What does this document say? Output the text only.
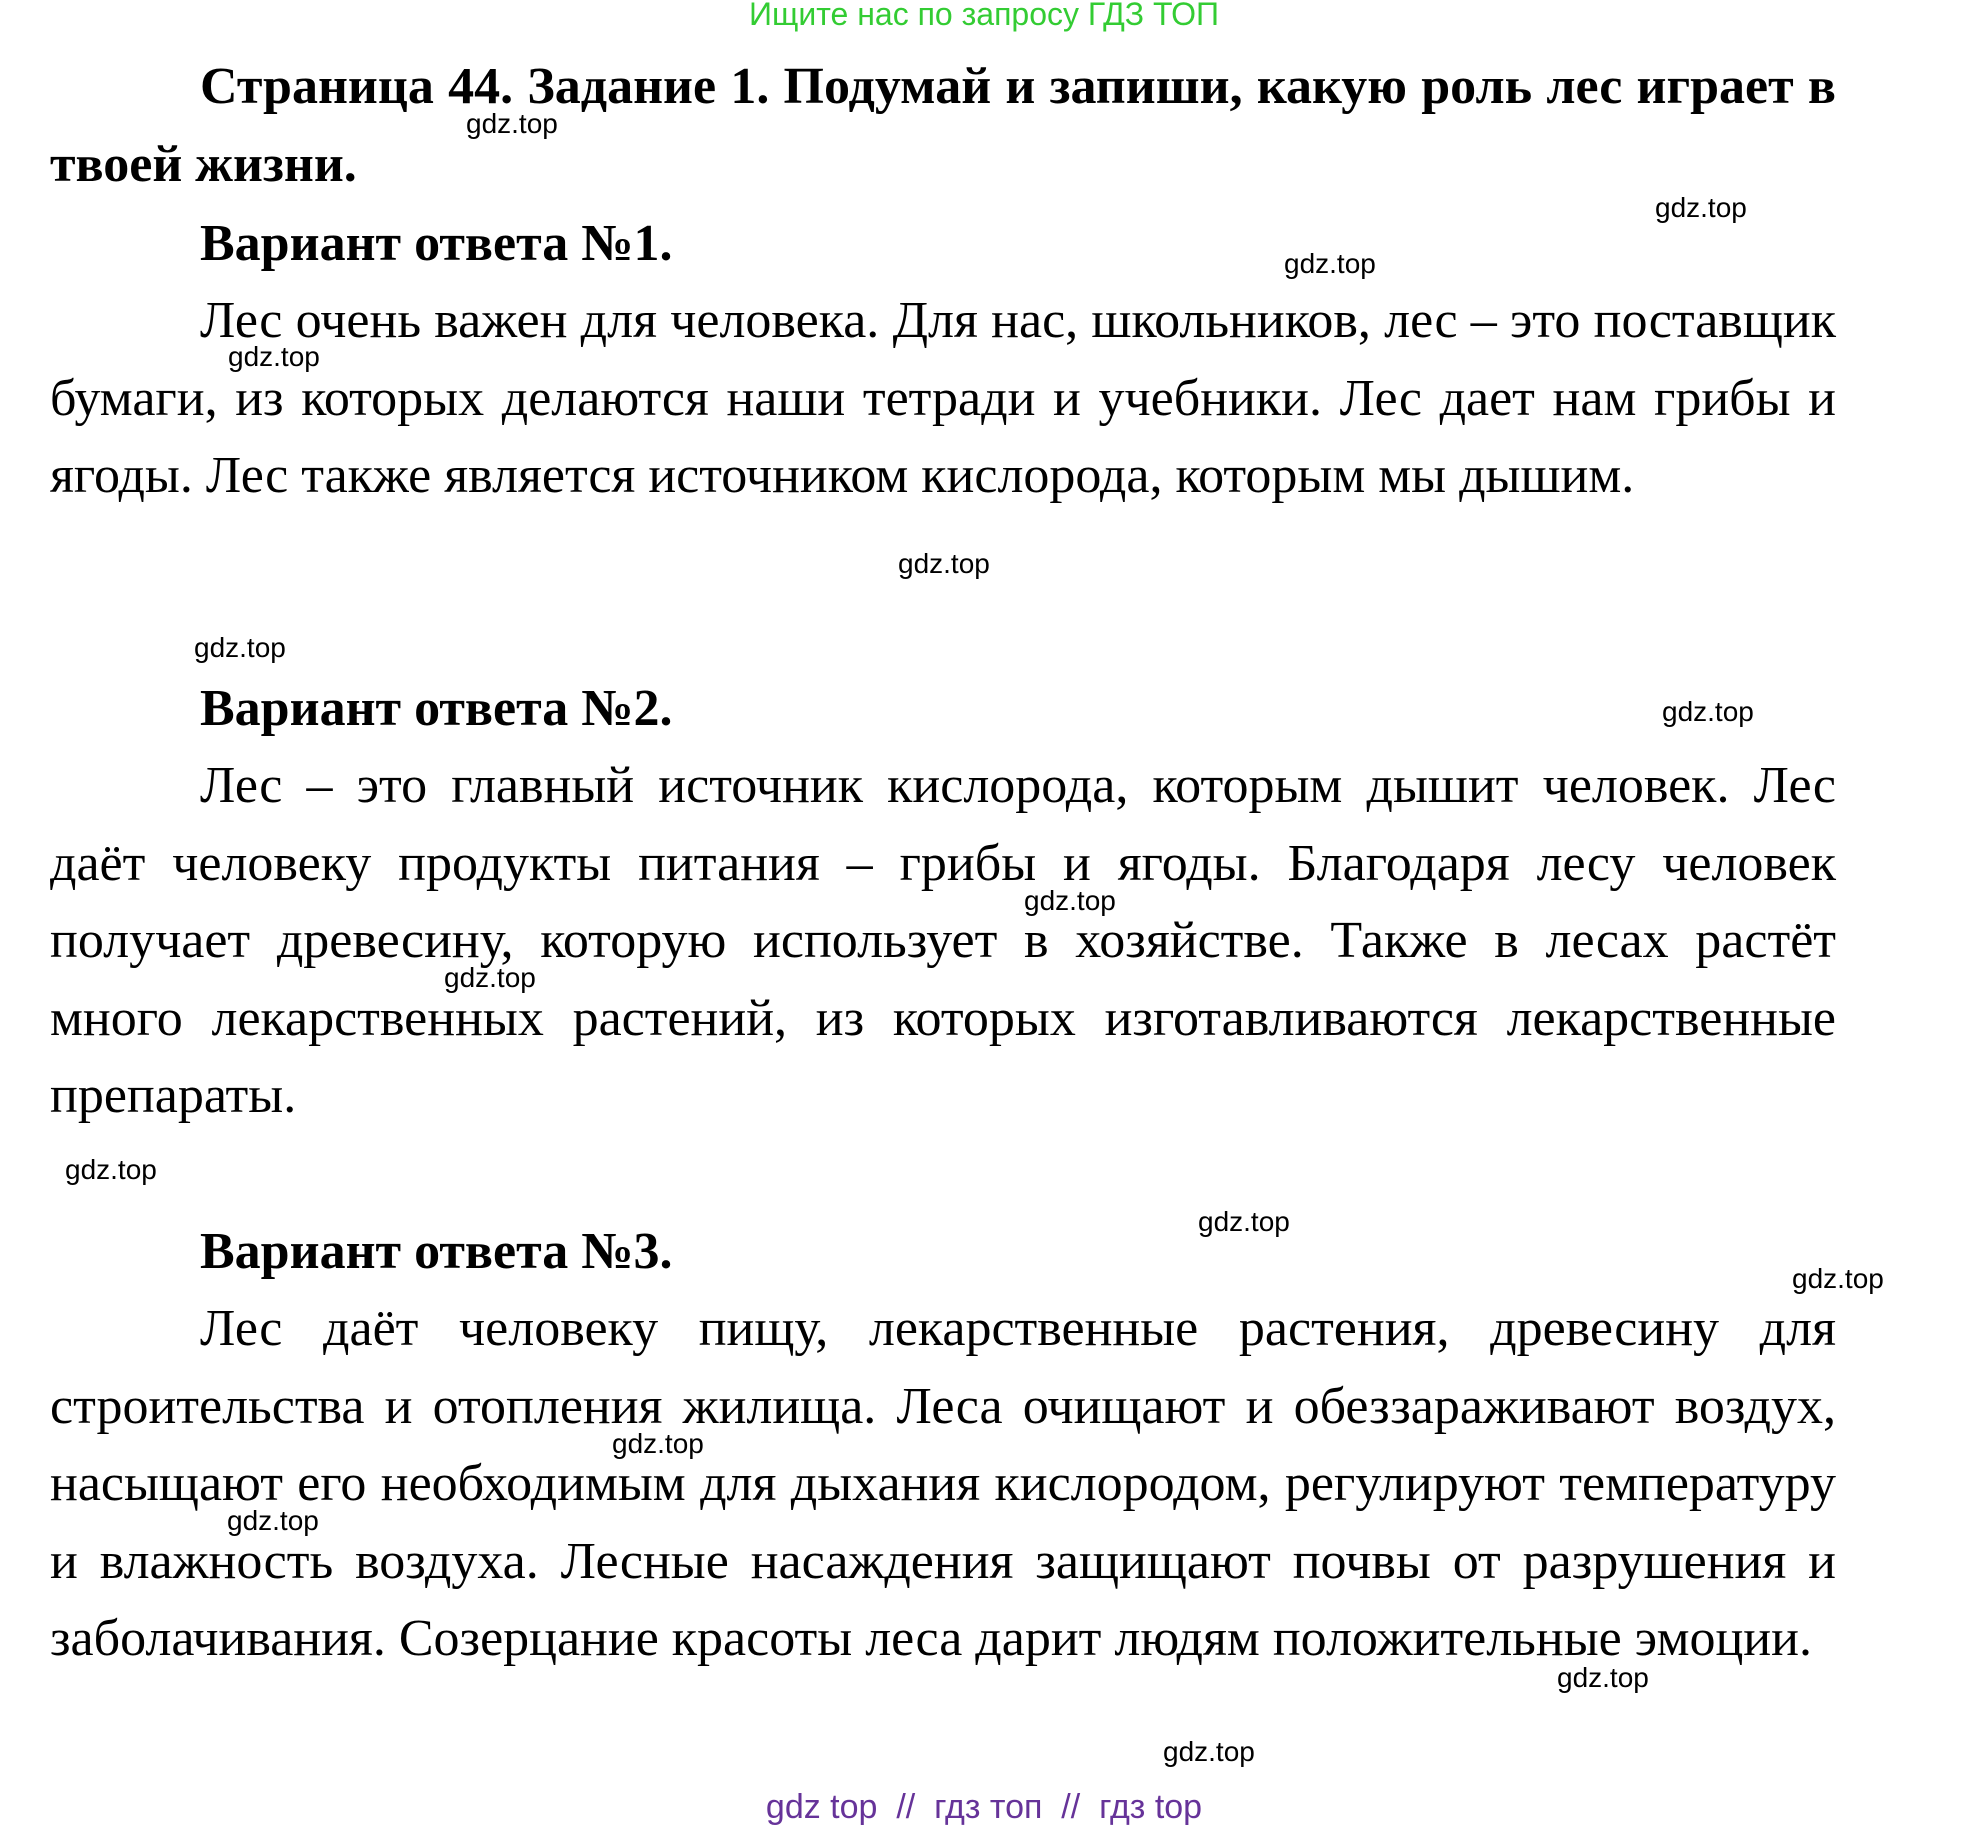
Ищите нас по запросу ГДЗ ТОП

Страница 44. Задание 1. Подумай и запиши, какую роль лес играет в твоей жизни.

Вариант ответа №1.

Лес очень важен для человека. Для нас, школьников, лес – это поставщик бумаги, из которых делаются наши тетради и учебники. Лес дает нам грибы и ягоды. Лес также является источником кислорода, которым мы дышим.

Вариант ответа №2.

Лес – это главный источник кислорода, которым дышит человек. Лес даёт человеку продукты питания – грибы и ягоды. Благодаря лесу человек получает древесину, которую использует в хозяйстве. Также в лесах растёт много лекарственных растений, из которых изготавливаются лекарственные препараты.

Вариант ответа №3.

Лес даёт человеку пищу, лекарственные растения, древесину для строительства и отопления жилища. Леса очищают и обеззараживают воздух, насыщают его необходимым для дыхания кислородом, регулируют температуру и влажность воздуха. Лесные насаждения защищают почвы от разрушения и заболачивания. Созерцание красоты леса дарит людям положительные эмоции.

gdz.top
gdz.top
gdz.top
gdz.top
gdz.top
gdz.top
gdz.top
gdz.top
gdz.top
gdz.top
gdz.top
gdz.top
gdz.top
gdz.top
gdz.top
gdz.top
gdz top  //  гдз топ  //  гдз top
